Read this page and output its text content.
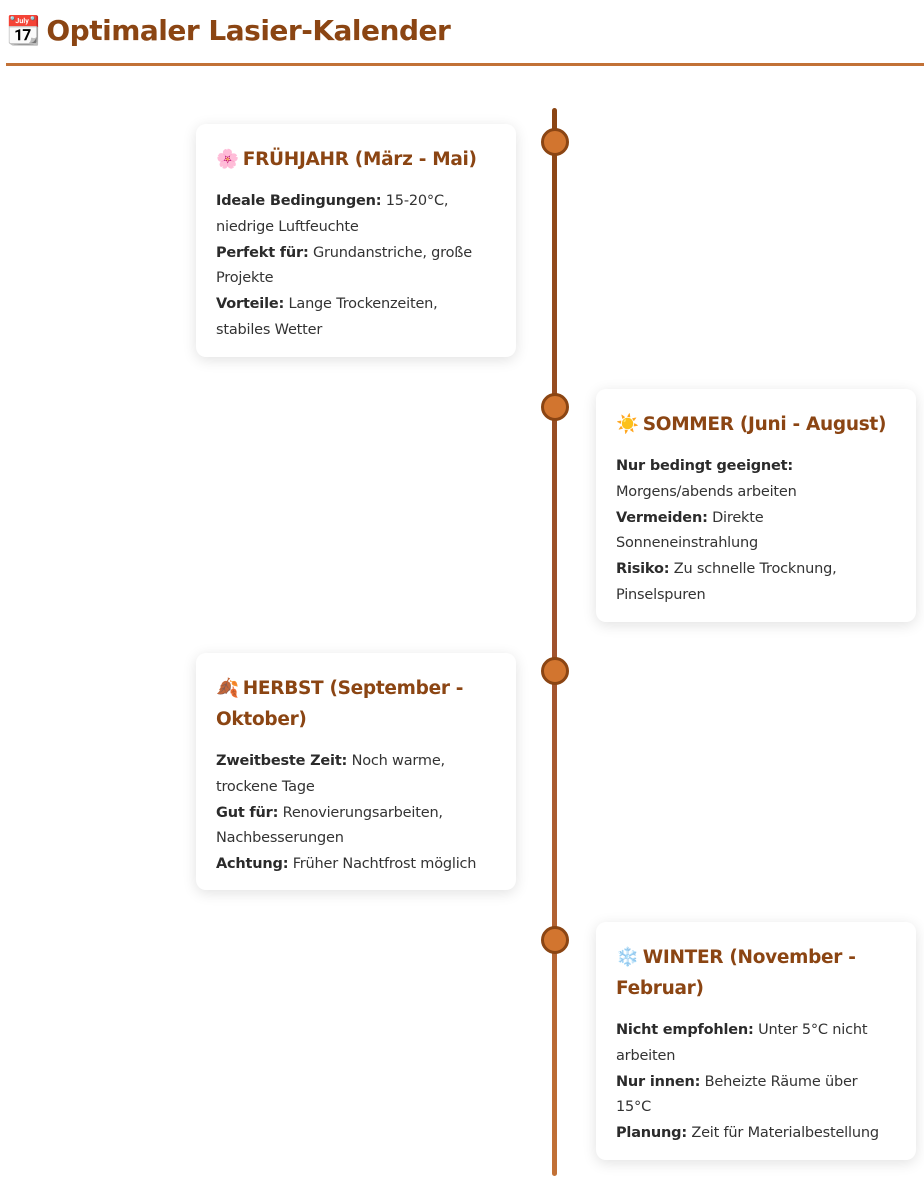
📆 Optimaler Lasier-Kalender
🌸 FRÜHJAHR (März - Mai)

Ideale Bedingungen: 15-20°C, niedrige Luftfeuchte

Perfekt für: Grundanstriche, große Projekte

Vorteile: Lange Trockenzeiten, stabiles Wetter

☀️ SOMMER (Juni - August)

Nur bedingt geeignet: Morgens/abends arbeiten

Vermeiden: Direkte Sonneneinstrahlung

Risiko: Zu schnelle Trocknung, Pinselspuren

🍂 HERBST (September - Oktober)

Zweitbeste Zeit: Noch warme, trockene Tage

Gut für: Renovierungsarbeiten, Nachbesserungen

Achtung: Früher Nachtfrost möglich

❄️ WINTER (November - Februar)

Nicht empfohlen: Unter 5°C nicht arbeiten

Nur innen: Beheizte Räume über 15°C

Planung: Zeit für Materialbestellung
